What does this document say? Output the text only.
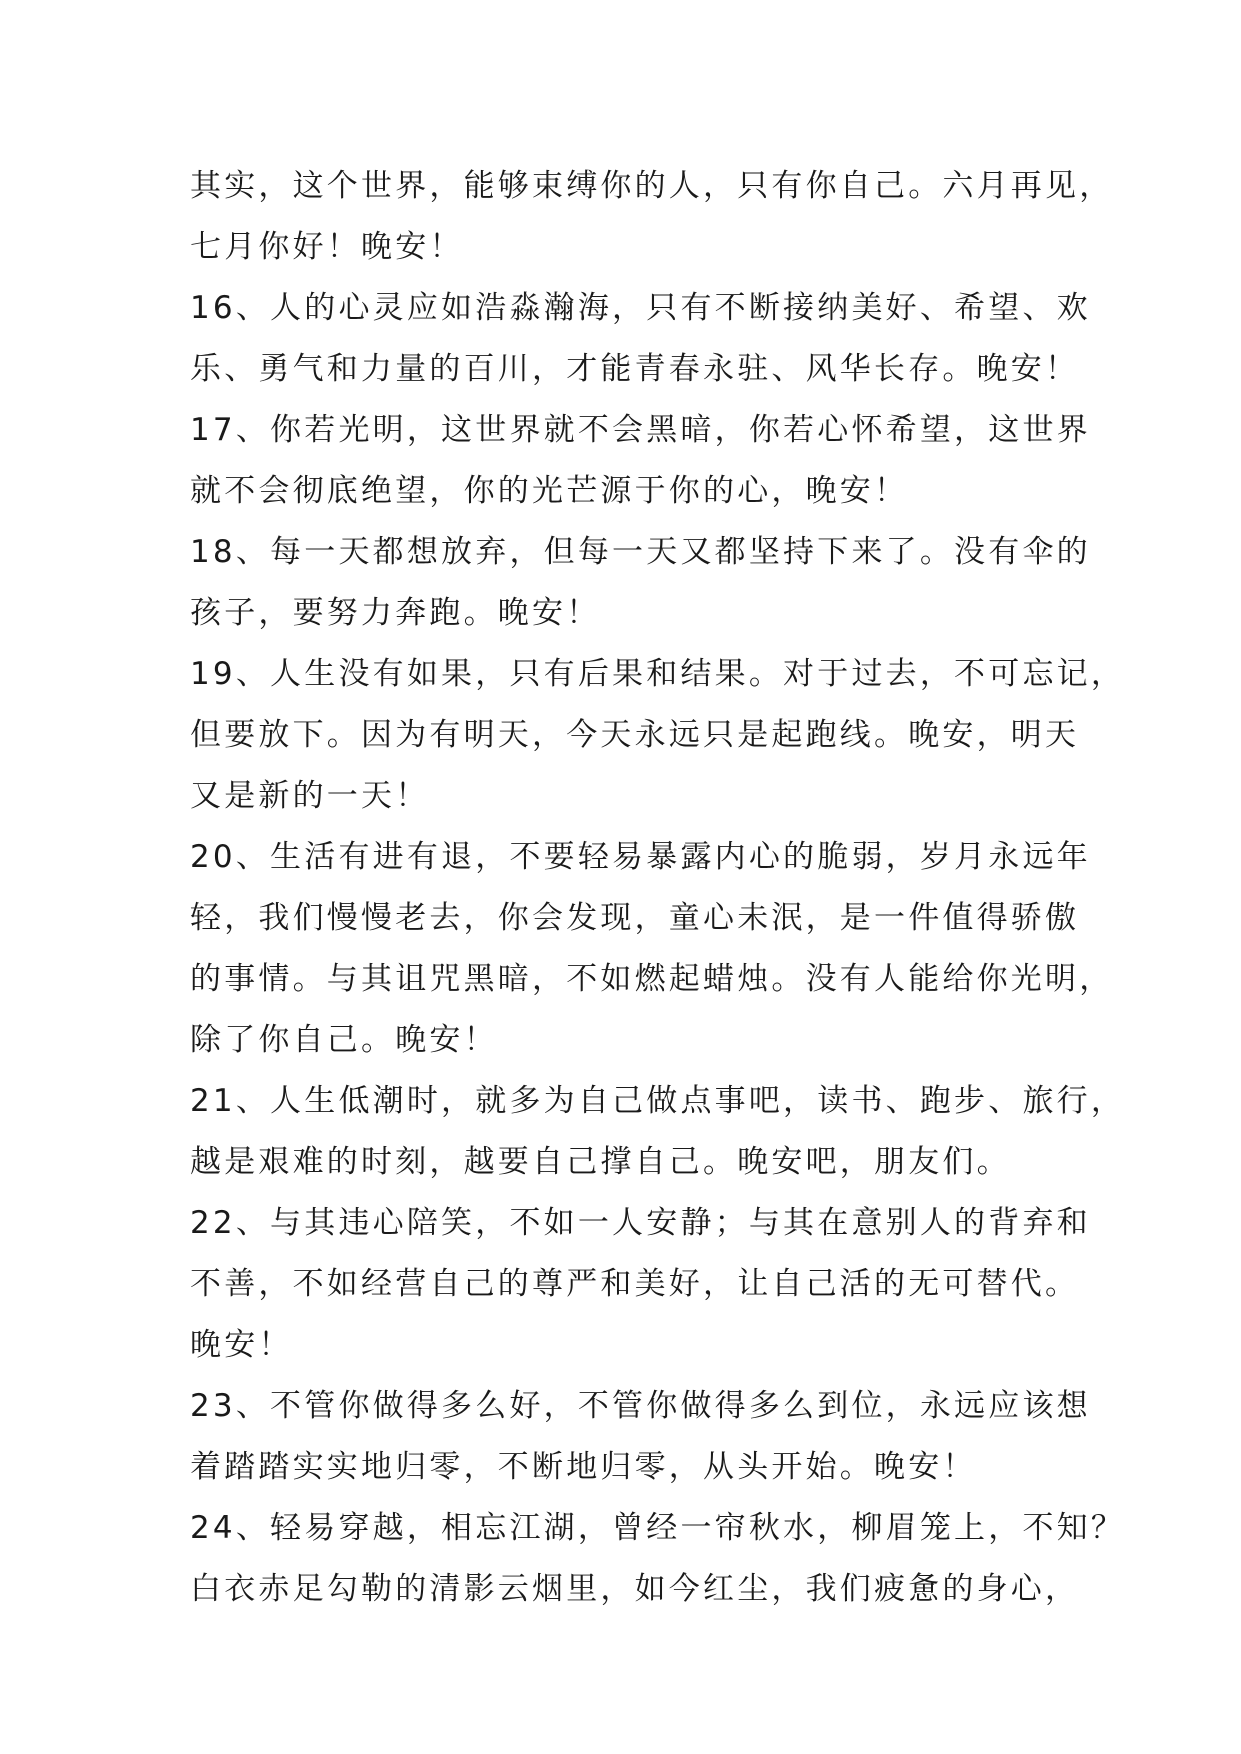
其实，这个世界，能够束缚你的人，只有你自己。六月再见，
七月你好！晚安！
16、人的心灵应如浩淼瀚海，只有不断接纳美好、希望、欢
乐、勇气和力量的百川，才能青春永驻、风华长存。晚安！
17、你若光明，这世界就不会黑暗，你若心怀希望，这世界
就不会彻底绝望，你的光芒源于你的心，晚安！
18、每一天都想放弃，但每一天又都坚持下来了。没有伞的
孩子，要努力奔跑。晚安！
19、人生没有如果，只有后果和结果。对于过去，不可忘记，
但要放下。因为有明天，今天永远只是起跑线。晚安，明天
又是新的一天！
20、生活有进有退，不要轻易暴露内心的脆弱，岁月永远年
轻，我们慢慢老去，你会发现，童心未泯，是一件值得骄傲
的事情。与其诅咒黑暗，不如燃起蜡烛。没有人能给你光明，
除了你自己。晚安！
21、人生低潮时，就多为自己做点事吧，读书、跑步、旅行，
越是艰难的时刻，越要自己撑自己。晚安吧，朋友们。
22、与其违心陪笑，不如一人安静；与其在意别人的背弃和
不善，不如经营自己的尊严和美好，让自己活的无可替代。
晚安！
23、不管你做得多么好，不管你做得多么到位，永远应该想
着踏踏实实地归零，不断地归零，从头开始。晚安！
24、轻易穿越，相忘江湖，曾经一帘秋水，柳眉笼上，不知？
白衣赤足勾勒的清影云烟里，如今红尘，我们疲惫的身心，
